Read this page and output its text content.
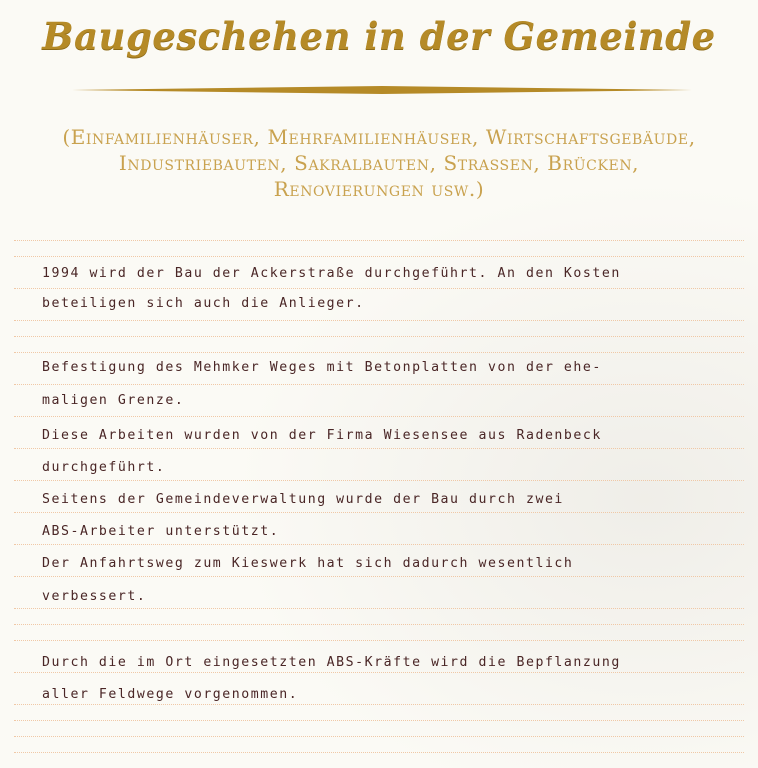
Baugeschehen in der Gemeinde
(Einfamilienhäuser, Mehrfamilienhäuser, Wirtschaftsgebäude,
Industriebauten, Sakralbauten, Strassen, Brücken,
Renovierungen usw.)
1994 wird der Bau der Ackerstraße durchgeführt. An den Kosten
beteiligen sich auch die Anlieger.
Befestigung des Mehmker Weges mit Betonplatten von der ehe-
maligen Grenze.
Diese Arbeiten wurden von der Firma Wiesensee aus Radenbeck
durchgeführt.
Seitens der Gemeindeverwaltung wurde der Bau durch zwei
ABS-Arbeiter unterstützt.
Der Anfahrtsweg zum Kieswerk hat sich dadurch wesentlich
verbessert.
Durch die im Ort eingesetzten ABS-Kräfte wird die Bepflanzung
aller Feldwege vorgenommen.
